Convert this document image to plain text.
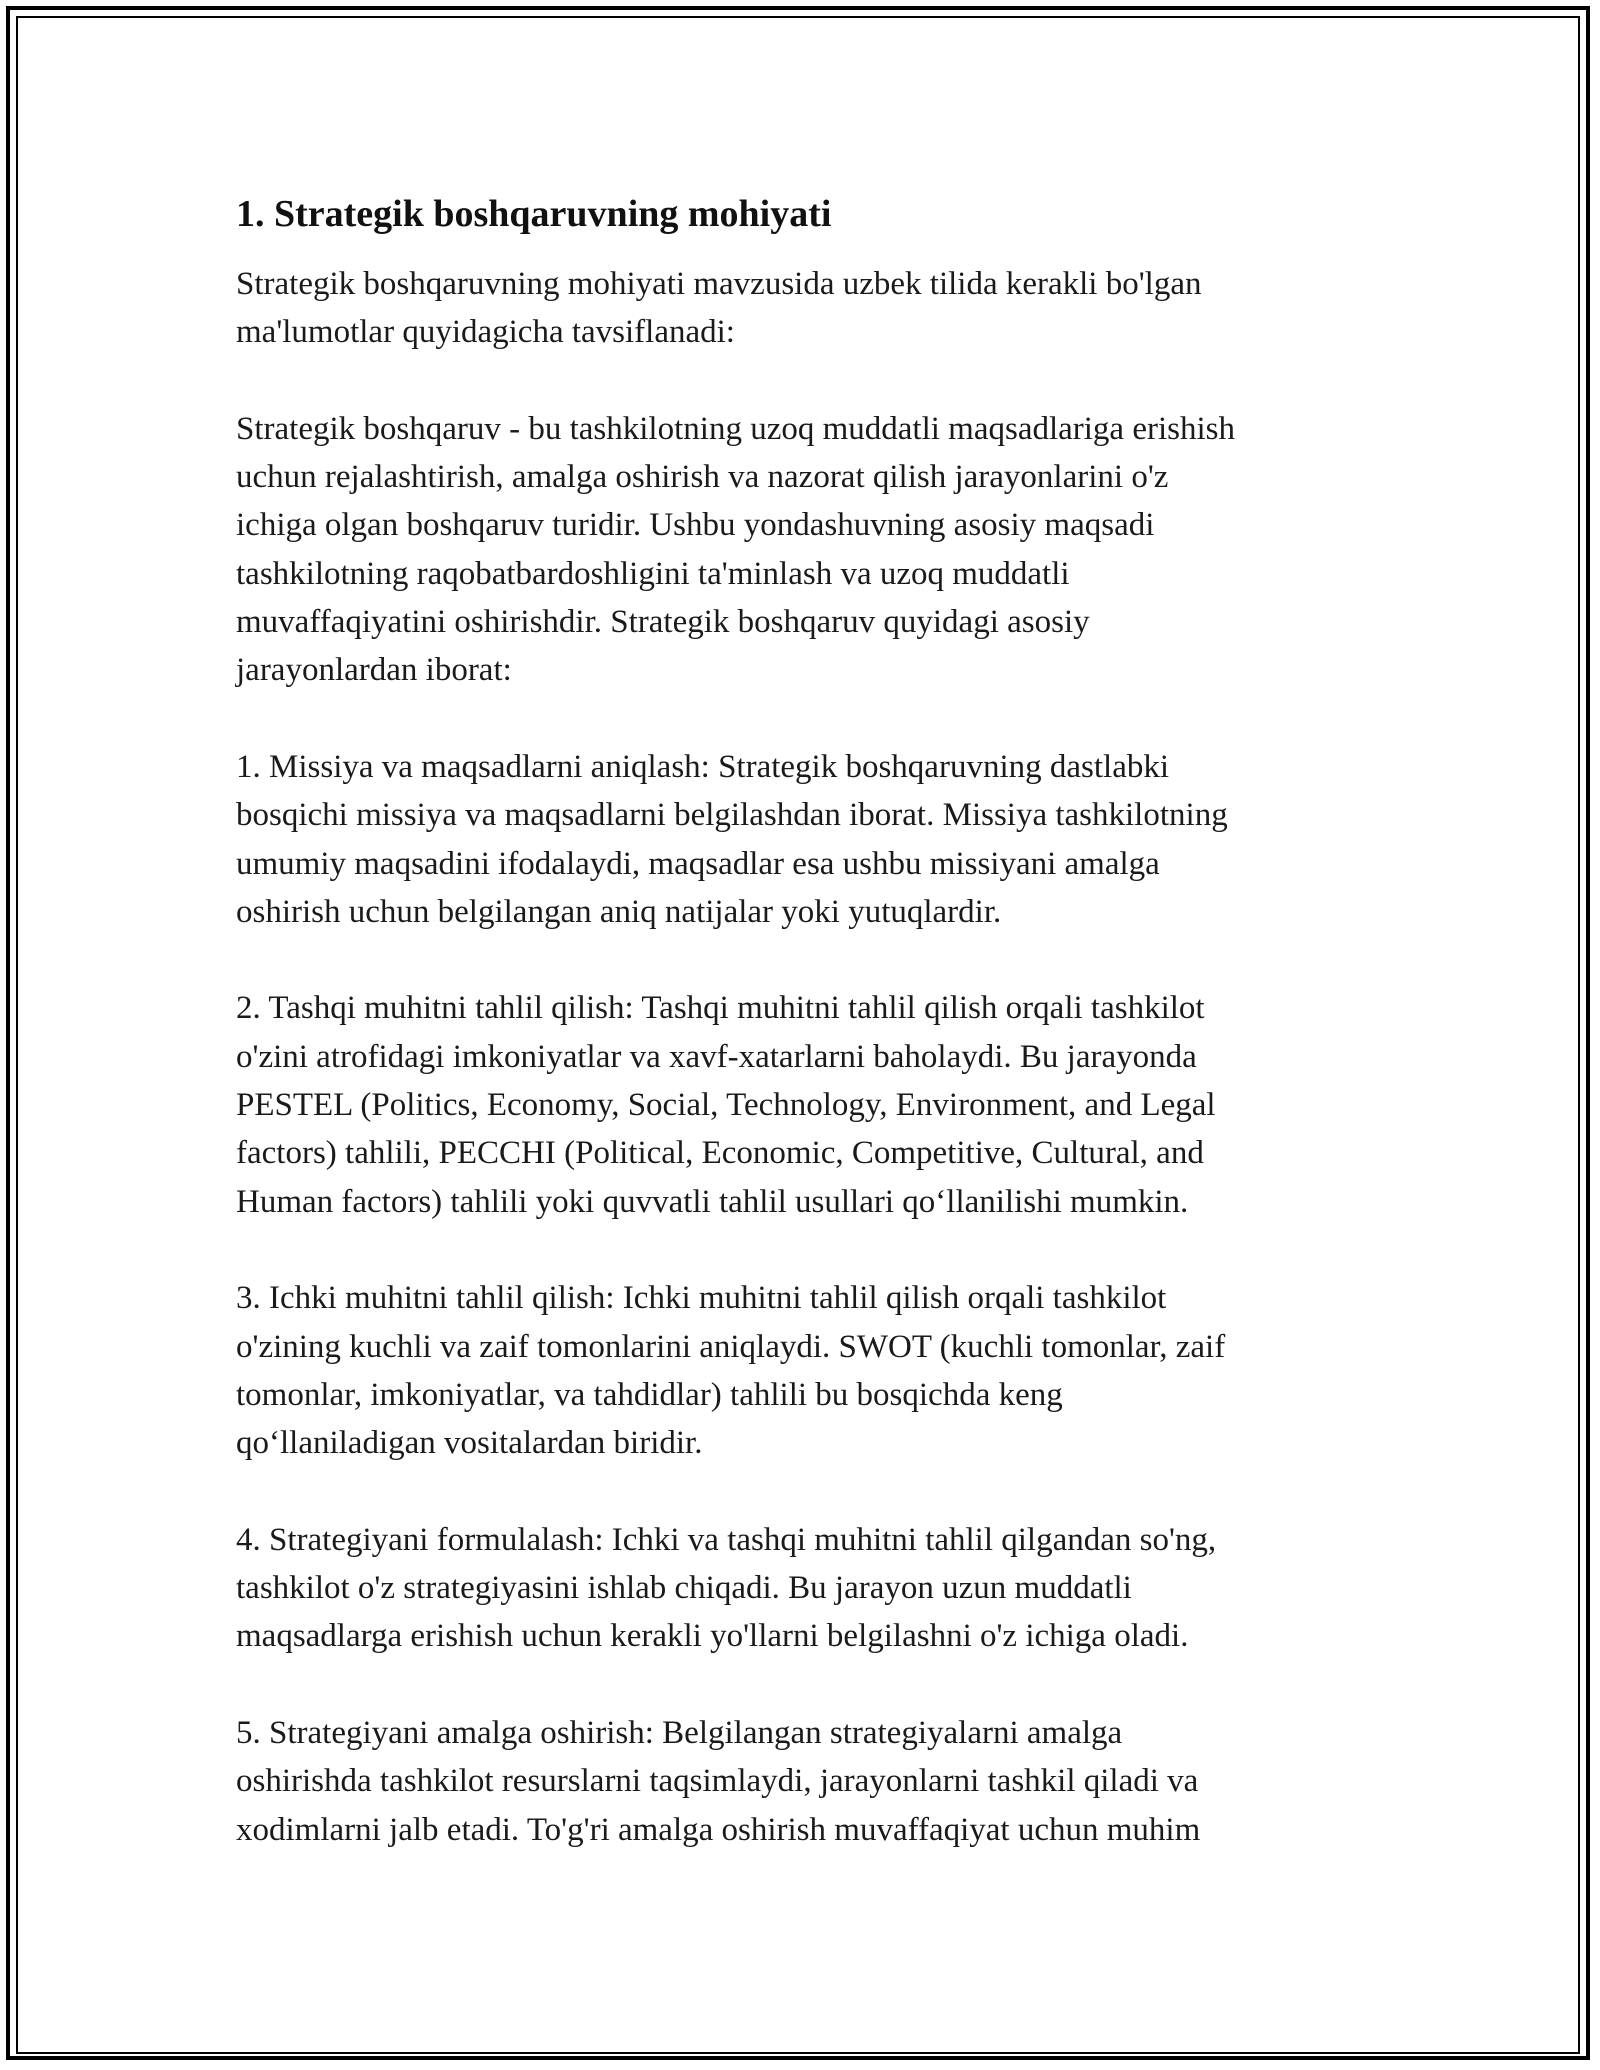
1. Strategik boshqaruvning mohiyati

Strategik boshqaruvning mohiyati mavzusida uzbek tilida kerakli bo'lgan
ma'lumotlar quyidagicha tavsiflanadi:

Strategik boshqaruv - bu tashkilotning uzoq muddatli maqsadlariga erishish
uchun rejalashtirish, amalga oshirish va nazorat qilish jarayonlarini o'z
ichiga olgan boshqaruv turidir. Ushbu yondashuvning asosiy maqsadi
tashkilotning raqobatbardoshligini ta'minlash va uzoq muddatli
muvaffaqiyatini oshirishdir. Strategik boshqaruv quyidagi asosiy
jarayonlardan iborat:

1. Missiya va maqsadlarni aniqlash: Strategik boshqaruvning dastlabki
bosqichi missiya va maqsadlarni belgilashdan iborat. Missiya tashkilotning
umumiy maqsadini ifodalaydi, maqsadlar esa ushbu missiyani amalga
oshirish uchun belgilangan aniq natijalar yoki yutuqlardir.

2. Tashqi muhitni tahlil qilish: Tashqi muhitni tahlil qilish orqali tashkilot
o'zini atrofidagi imkoniyatlar va xavf-xatarlarni baholaydi. Bu jarayonda
PESTEL (Politics, Economy, Social, Technology, Environment, and Legal
factors) tahlili, PECCHI (Political, Economic, Competitive, Cultural, and
Human factors) tahlili yoki quvvatli tahlil usullari qo‘llanilishi mumkin.

3. Ichki muhitni tahlil qilish: Ichki muhitni tahlil qilish orqali tashkilot
o'zining kuchli va zaif tomonlarini aniqlaydi. SWOT (kuchli tomonlar, zaif
tomonlar, imkoniyatlar, va tahdidlar) tahlili bu bosqichda keng
qo‘llaniladigan vositalardan biridir.

4. Strategiyani formulalash: Ichki va tashqi muhitni tahlil qilgandan so'ng,
tashkilot o'z strategiyasini ishlab chiqadi. Bu jarayon uzun muddatli
maqsadlarga erishish uchun kerakli yo'llarni belgilashni o'z ichiga oladi.

5. Strategiyani amalga oshirish: Belgilangan strategiyalarni amalga
oshirishda tashkilot resurslarni taqsimlaydi, jarayonlarni tashkil qiladi va
xodimlarni jalb etadi. To'g'ri amalga oshirish muvaffaqiyat uchun muhim
